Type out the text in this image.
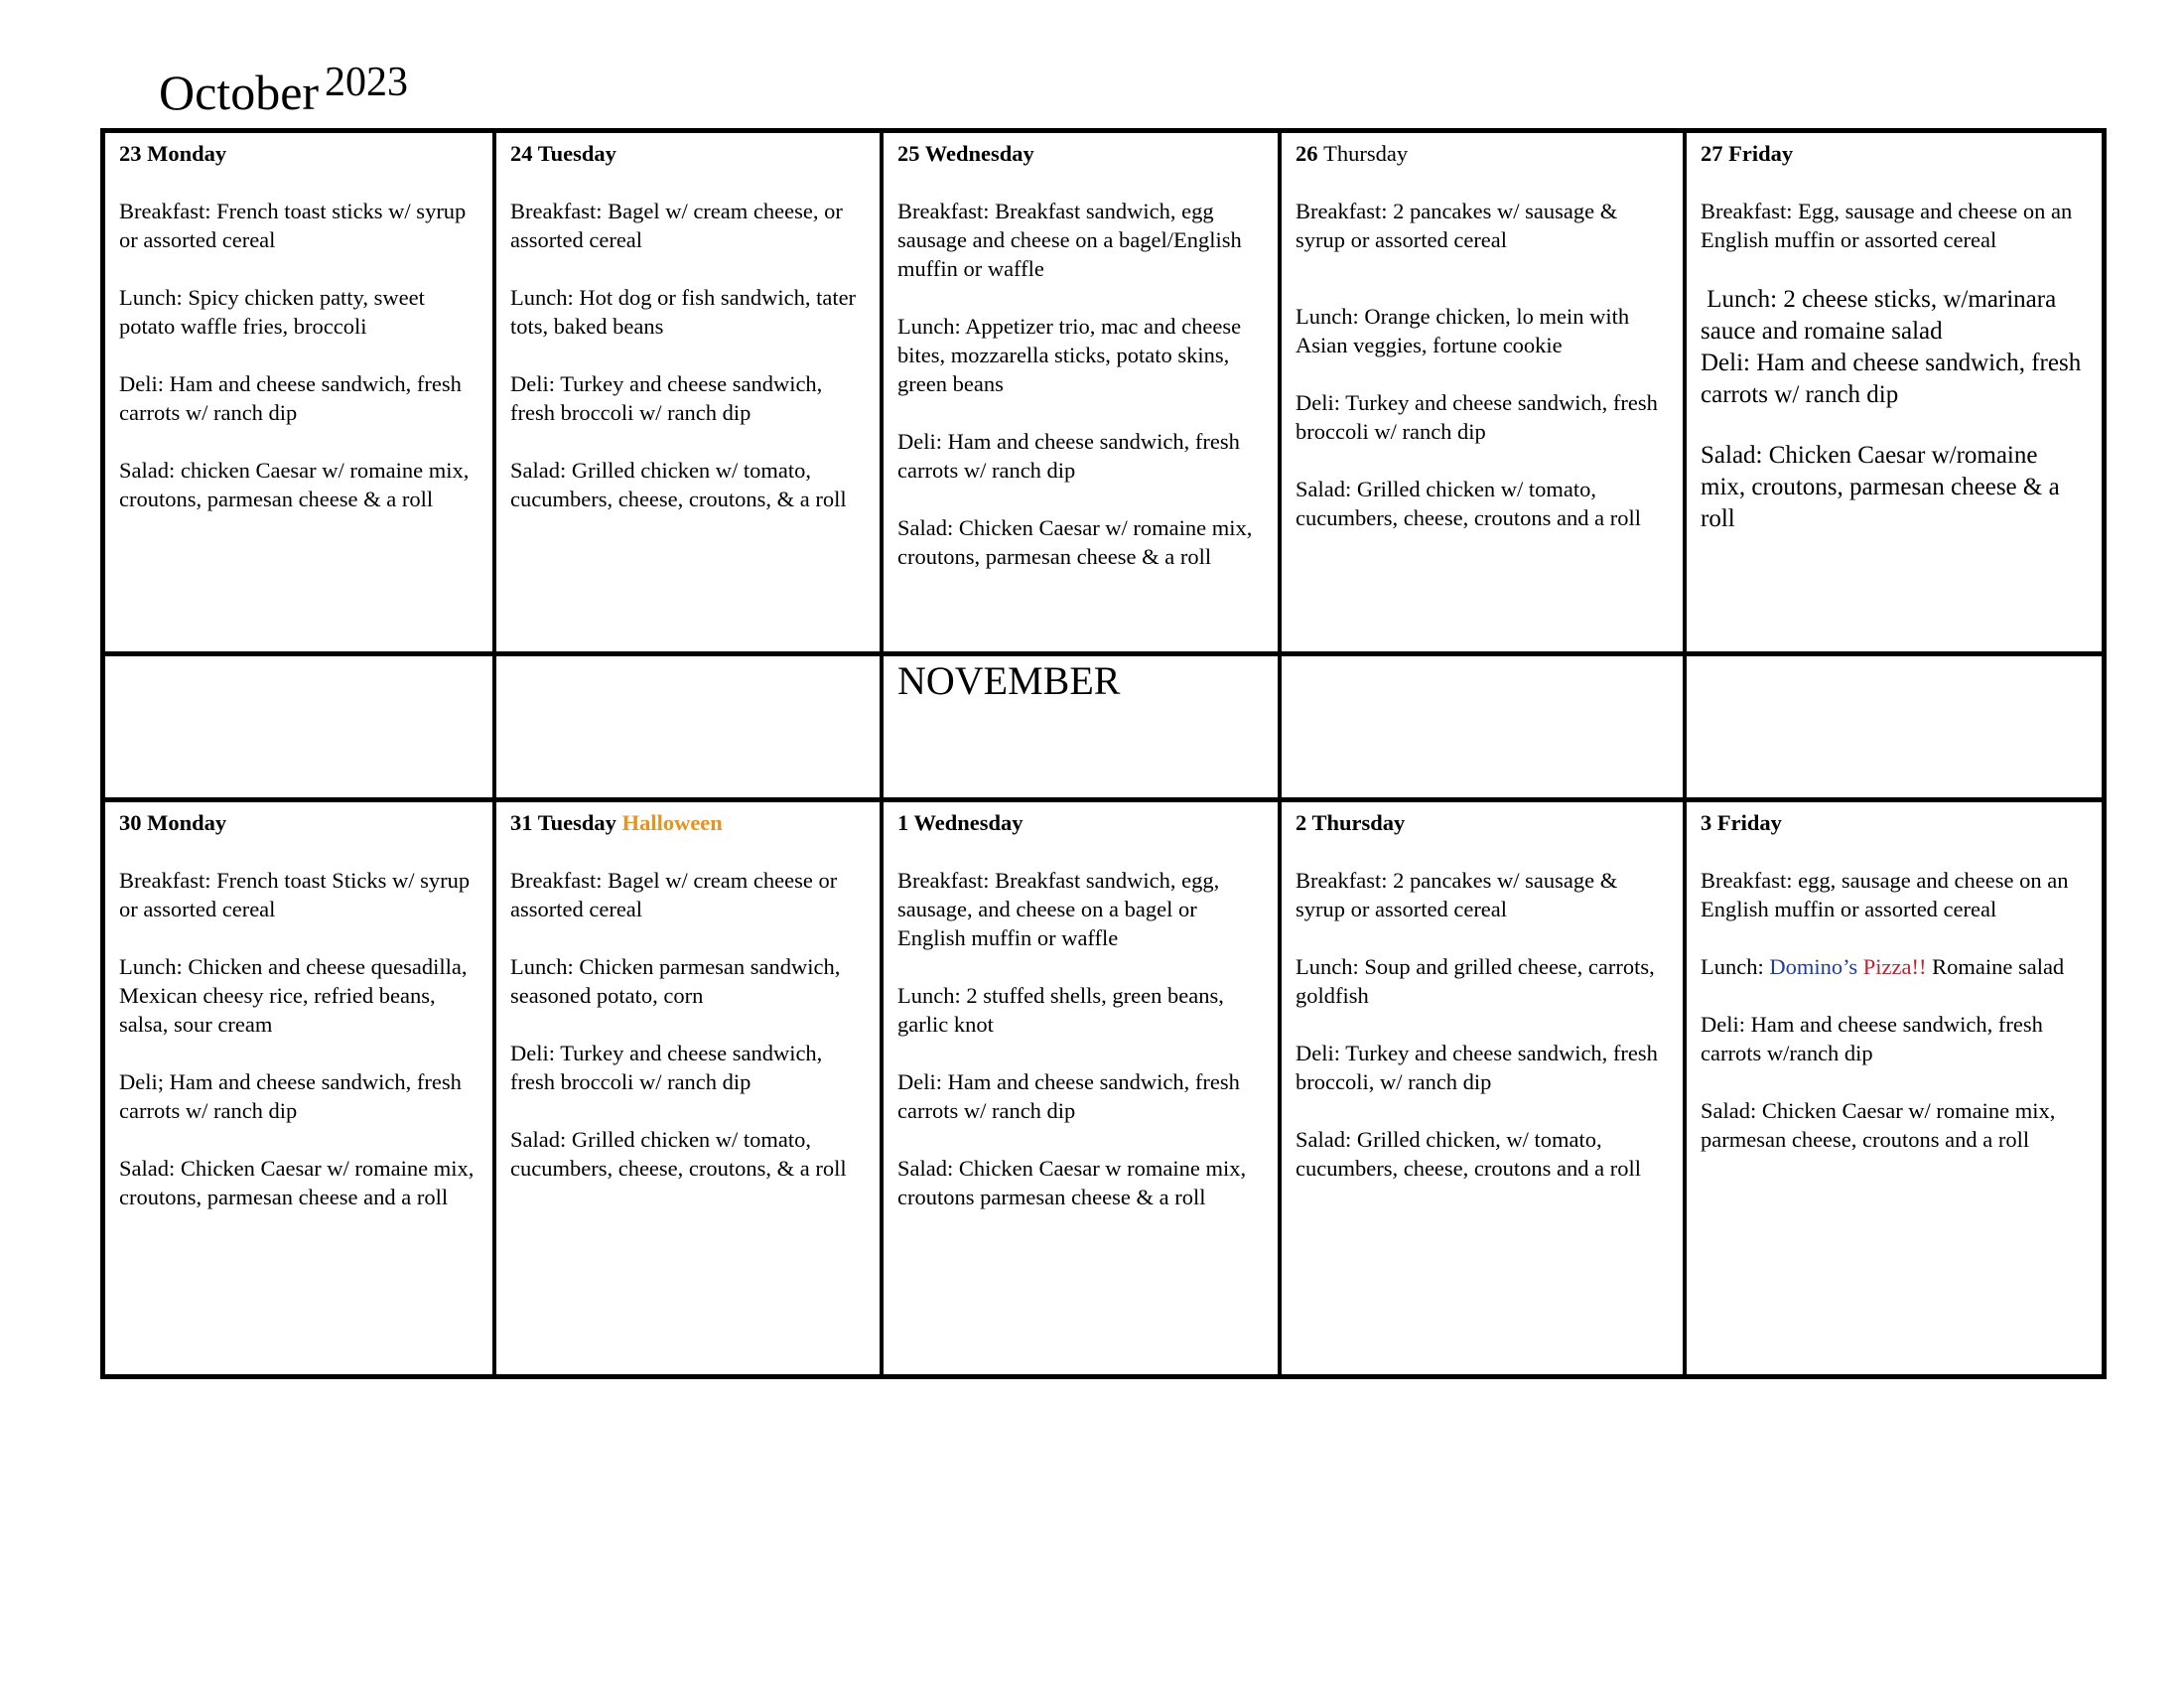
October 2023

23 Monday

Breakfast: French toast sticks w/ syrup or assorted cereal

Lunch: Spicy chicken patty, sweet potato waffle fries, broccoli

Deli: Ham and cheese sandwich, fresh carrots w/ ranch dip

Salad: chicken Caesar w/ romaine mix, croutons, parmesan cheese & a roll

24 Tuesday

Breakfast: Bagel w/ cream cheese, or assorted cereal

Lunch: Hot dog or fish sandwich, tater tots, baked beans

Deli: Turkey and cheese sandwich, fresh broccoli w/ ranch dip

Salad: Grilled chicken w/ tomato, cucumbers, cheese, croutons, & a roll

25 Wednesday

Breakfast: Breakfast sandwich, egg sausage and cheese on a bagel/English muffin or waffle

Lunch: Appetizer trio, mac and cheese bites, mozzarella sticks, potato skins, green beans

Deli: Ham and cheese sandwich, fresh carrots w/ ranch dip

Salad: Chicken Caesar w/ romaine mix, croutons, parmesan cheese & a roll

26 Thursday

Breakfast: 2 pancakes w/ sausage & syrup or assorted cereal

Lunch: Orange chicken, lo mein with Asian veggies, fortune cookie

Deli: Turkey and cheese sandwich, fresh broccoli w/ ranch dip

Salad: Grilled chicken w/ tomato, cucumbers, cheese, croutons and a roll

27 Friday

Breakfast: Egg, sausage and cheese on an English muffin or assorted cereal

Lunch: 2 cheese sticks, w/marinara sauce and romaine salad

Deli: Ham and cheese sandwich, fresh carrots w/ ranch dip

Salad: Chicken Caesar w/romaine mix, croutons, parmesan cheese & a roll

NOVEMBER

30 Monday

Breakfast: French toast Sticks w/ syrup or assorted cereal

Lunch: Chicken and cheese quesadilla, Mexican cheesy rice, refried beans, salsa, sour cream

Deli; Ham and cheese sandwich, fresh carrots w/ ranch dip

Salad: Chicken Caesar w/ romaine mix, croutons, parmesan cheese and a roll

31 Tuesday Halloween

Breakfast: Bagel w/ cream cheese or assorted cereal

Lunch: Chicken parmesan sandwich, seasoned potato, corn

Deli: Turkey and cheese sandwich, fresh broccoli w/ ranch dip

Salad: Grilled chicken w/ tomato, cucumbers, cheese, croutons, & a roll

1 Wednesday

Breakfast: Breakfast sandwich, egg, sausage, and cheese on a bagel or English muffin or waffle

Lunch: 2 stuffed shells, green beans, garlic knot

Deli: Ham and cheese sandwich, fresh carrots w/ ranch dip

Salad: Chicken Caesar w romaine mix, croutons parmesan cheese & a roll

2 Thursday

Breakfast: 2 pancakes w/ sausage & syrup or assorted cereal

Lunch: Soup and grilled cheese, carrots, goldfish

Deli: Turkey and cheese sandwich, fresh broccoli, w/ ranch dip

Salad: Grilled chicken, w/ tomato, cucumbers, cheese, croutons and a roll

3 Friday

Breakfast: egg, sausage and cheese on an English muffin or assorted cereal

Lunch: Domino’s Pizza!! Romaine salad

Deli: Ham and cheese sandwich, fresh carrots w/ranch dip

Salad: Chicken Caesar w/ romaine mix, parmesan cheese, croutons and a roll
